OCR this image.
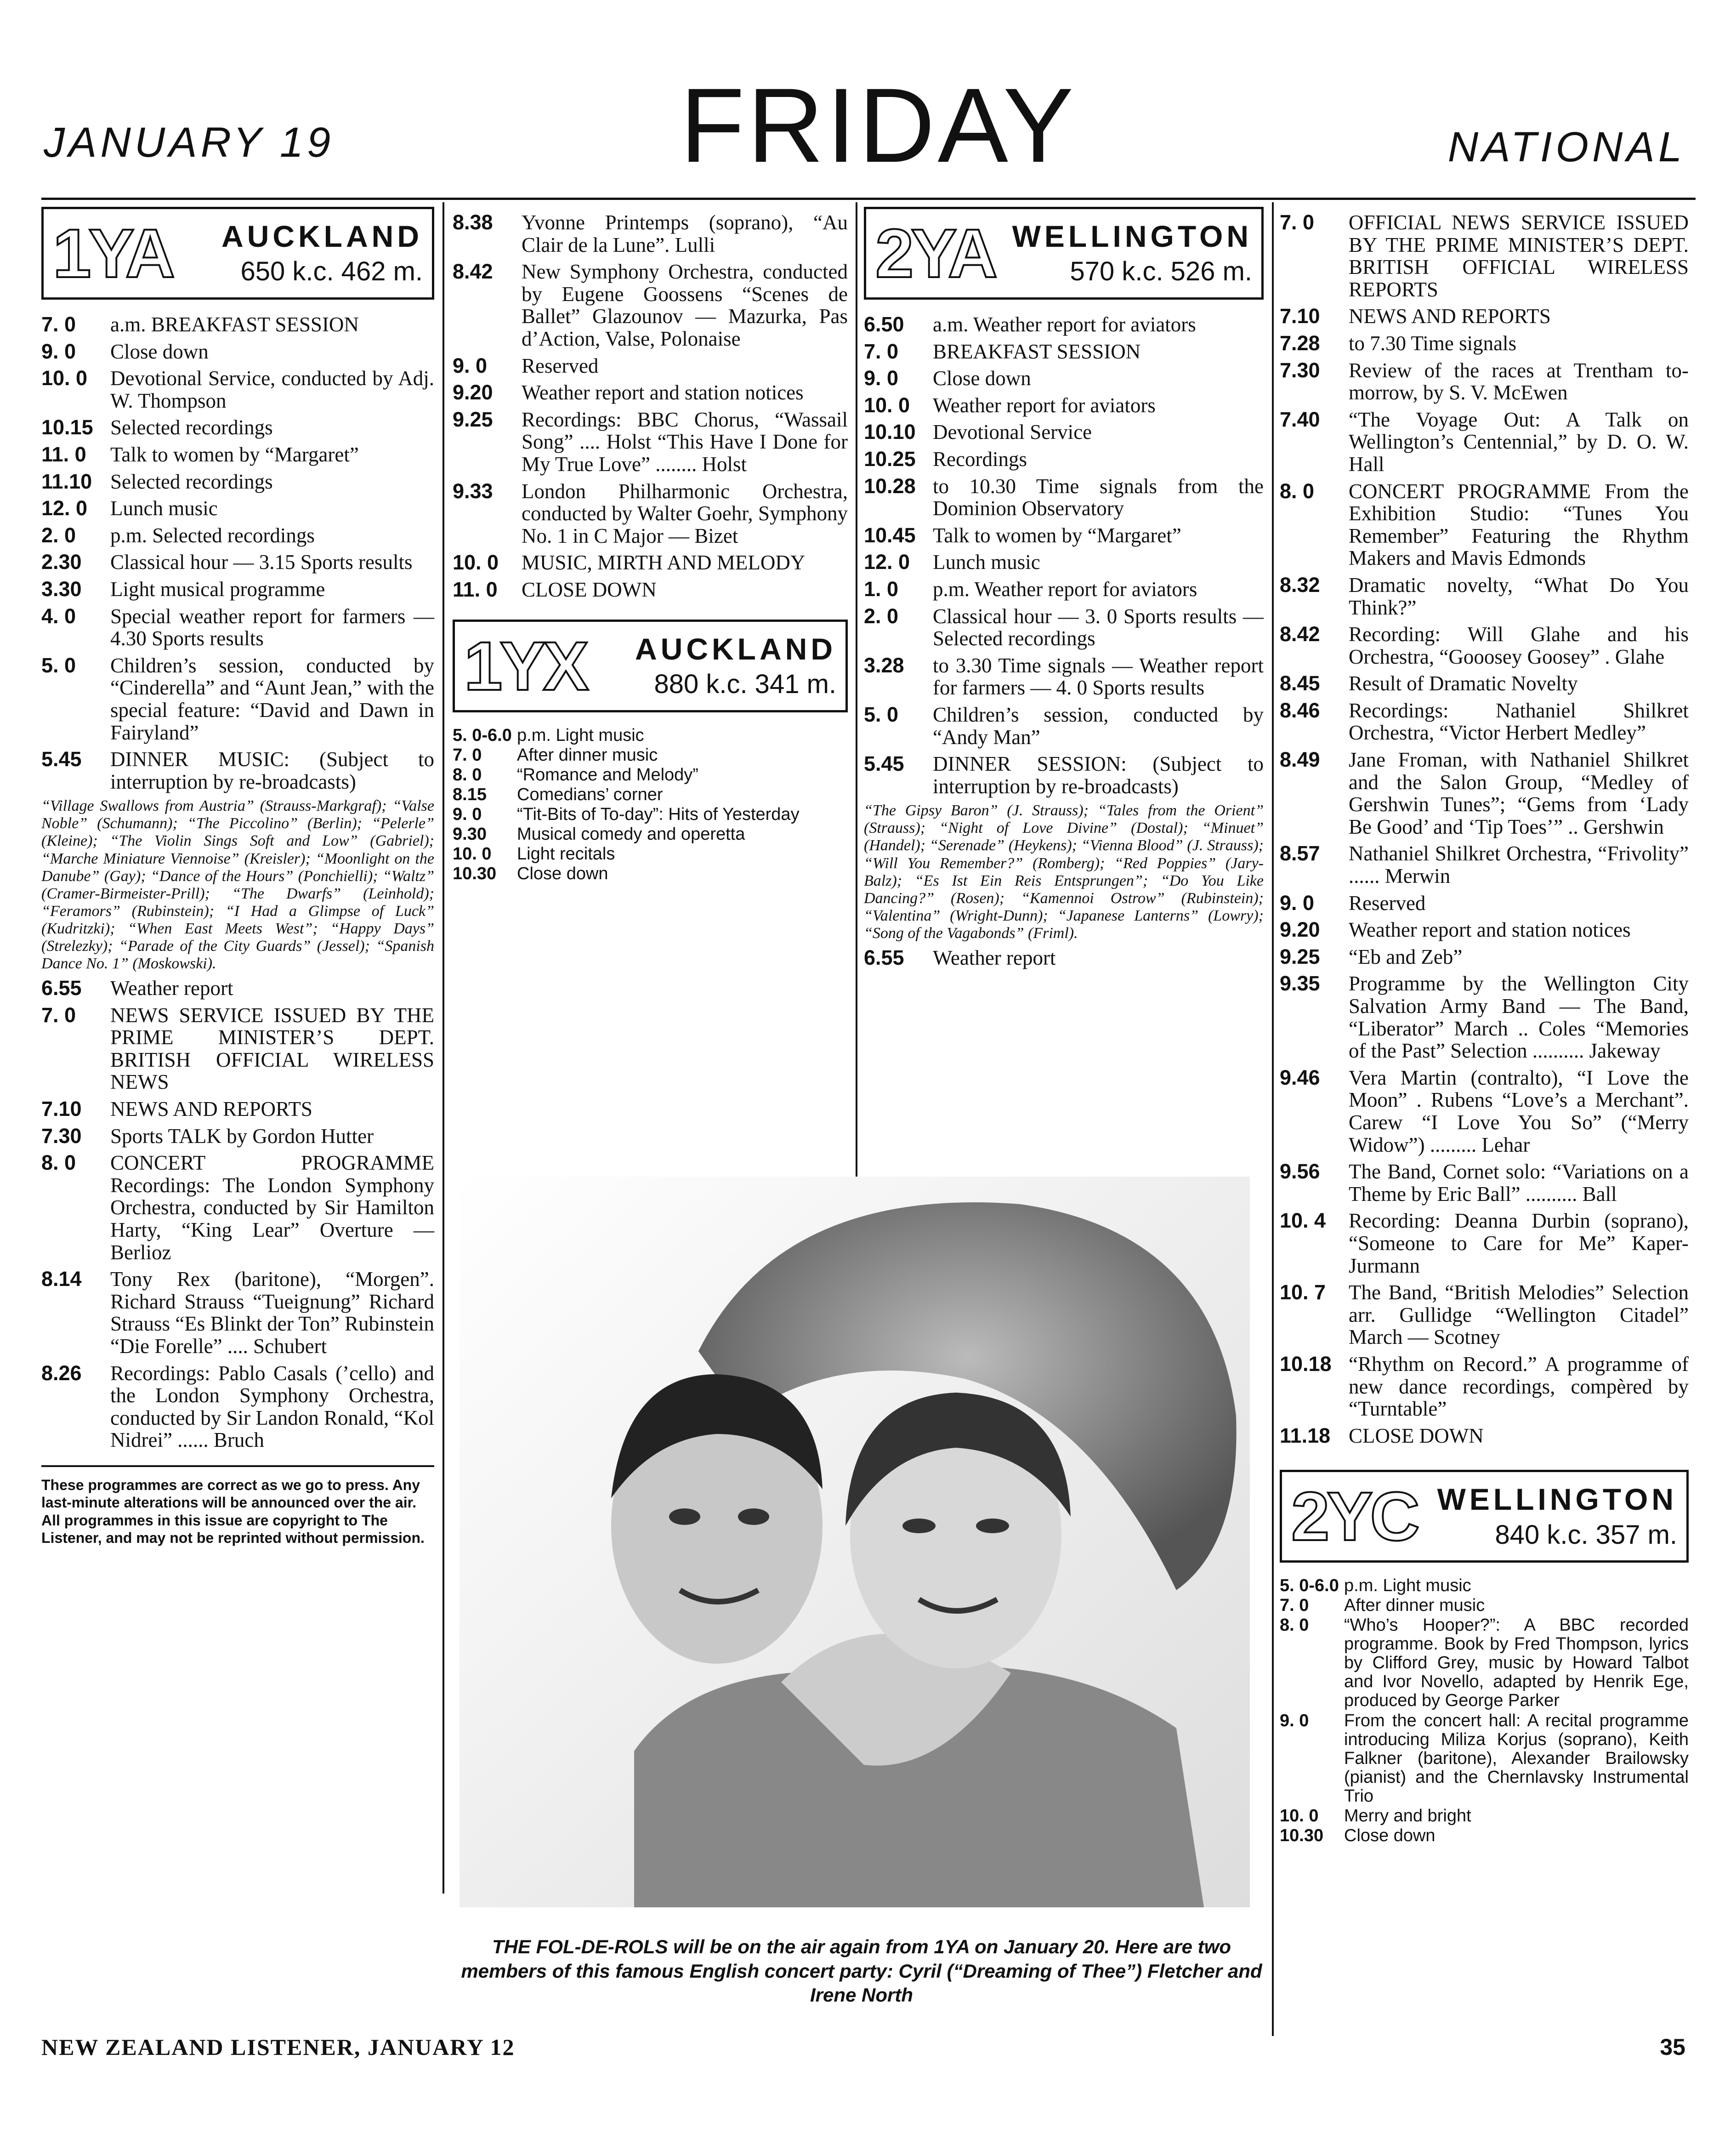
JANUARY 19	FRIDAY	NATIONAL
1YA	AUCKLAND
650 k.c. 462 m.
7. 0	a.m. BREAKFAST SESSION
9. 0	Close down
10. 0	Devotional Service, conducted by Adj. W. Thompson
10.15 Selected recordings
11. 0	Talk to women by “Margaret”
11.10 Selected recordings
12. 0	Lunch music
2. 0	p.m. Selected recordings
2.30	Classical hour — 3.15 Sports results
3.30	Light musical programme
4. 0	Special weather report for farmers — 4.30 Sports results
5. 0	Children’s session, conducted by “Cinderella” and “Aunt Jean,” with the special feature: “David and Dawn in Fairyland”
5.45	DINNER MUSIC: (Subject to interruption by re-broadcasts)
“Village Swallows from Austria” (Strauss-Markgraf); “Valse Noble” (Schumann); “The Piccolino” (Berlin); “Pelerle” (Kleine); “The Violin Sings Soft and Low” (Gabriel); “Marche Miniature Viennoise” (Kreisler); “Moonlight on the Danube” (Gay); “Dance of the Hours” (Ponchielli); “Waltz” (Cramer-Birmeister-Prill); “The Dwarfs” (Leinhold); “Feramors” (Rubinstein); “I Had a Glimpse of Luck” (Kudritzki); “When East Meets West”; “Happy Days” (Strelezky); “Parade of the City Guards” (Jessel); “Spanish Dance No. 1” (Moskowski).
6.55	Weather report
7. 0	NEWS SERVICE ISSUED BY THE PRIME MINISTER’S DEPT. BRITISH OFFICIAL WIRELESS NEWS
7.10	NEWS AND REPORTS
7.30	Sports TALK by Gordon Hutter
8. 0	CONCERT PROGRAMME Recordings: The London Symphony Orchestra, conducted by Sir Hamilton Harty, “King Lear” Overture — Berlioz
8.14	Tony Rex (baritone), “Morgen”. Richard Strauss “Tueignung” Richard Strauss “Es Blinkt der Ton” Rubinstein “Die Forelle” .... Schubert
8.26	Recordings: Pablo Casals (’cello) and the London Symphony Orchestra, conducted by Sir Landon Ronald, “Kol Nidrei” ...... Bruch
These programmes are correct as we go to press. Any last-minute alterations will be announced over the air. All programmes in this issue are copyright to The Listener, and may not be reprinted without permission.
8.38	Yvonne Printemps (soprano), “Au Clair de la Lune”. Lulli
8.42	New Symphony Orchestra, conducted by Eugene Goossens “Scenes de Ballet” Glazounov — Mazurka, Pas d’Action, Valse, Polonaise
9. 0	Reserved
9.20	Weather report and station notices
9.25	Recordings: BBC Chorus, “Wassail Song” .... Holst “This Have I Done for My True Love” ........ Holst
9.33	London Philharmonic Orchestra, conducted by Walter Goehr, Symphony No. 1 in C Major — Bizet
10. 0	MUSIC, MIRTH AND MELODY
11. 0	CLOSE DOWN
1YX	AUCKLAND
880 k.c. 341 m.
5. 0-6.0 p.m. Light music
7. 0	After dinner music
8. 0	“Romance and Melody”
8.15	Comedians’ corner
9. 0	“Tit-Bits of To-day”: Hits of Yesterday
9.30	Musical comedy and operetta
10. 0	Light recitals
10.30	Close down
2YA WELLINGTON
570 k.c. 526 m.
6.50	a.m. Weather report for aviators
7. 0	BREAKFAST SESSION
9. 0	Close down
10. 0	Weather report for aviators
10.10 Devotional Service
10.25 Recordings
10.28 to 10.30 Time signals from the Dominion Observatory
10.45 Talk to women by “Margaret”
12. 0	Lunch music
1. 0	p.m. Weather report for aviators
2. 0	Classical hour — 3. 0 Sports results — Selected recordings
3.28	to 3.30 Time signals — Weather report for farmers — 4. 0 Sports results
5. 0	Children’s session, conducted by “Andy Man”
5.45	DINNER SESSION: (Subject to interruption by re-broadcasts)
“The Gipsy Baron” (J. Strauss); “Tales from the Orient” (Strauss); “Night of Love Divine” (Dostal); “Minuet” (Handel); “Serenade” (Heykens); “Vienna Blood” (J. Strauss); “Will You Remember?” (Romberg); “Red Poppies” (Jary-Balz); “Es Ist Ein Reis Entsprungen”; “Do You Like Dancing?” (Rosen); “Kamennoi Ostrow” (Rubinstein); “Valentina” (Wright-Dunn); “Japanese Lanterns” (Lowry); “Song of the Vagabonds” (Friml).
6.55	Weather report
7. 0	OFFICIAL NEWS SERVICE ISSUED BY THE PRIME MINISTER’S DEPT. BRITISH OFFICIAL WIRELESS REPORTS
7.10	NEWS AND REPORTS
7.28	to 7.30 Time signals
7.30	Review of the races at Trentham to-morrow, by S. V. McEwen
7.40	“The Voyage Out: A Talk on Wellington’s Centennial,” by D. O. W. Hall
8. 0	CONCERT PROGRAMME From the Exhibition Studio: “Tunes You Remember” Featuring the Rhythm Makers and Mavis Edmonds
8.32	Dramatic novelty, “What Do You Think?”
8.42	Recording: Will Glahe and his Orchestra, “Gooosey Goosey” . Glahe
8.45	Result of Dramatic Novelty
8.46	Recordings: Nathaniel Shilkret Orchestra, “Victor Herbert Medley”
8.49	Jane Froman, with Nathaniel Shilkret and the Salon Group, “Medley of Gershwin Tunes”; “Gems from ‘Lady Be Good’ and ‘Tip Toes’” .. Gershwin
8.57	Nathaniel Shilkret Orchestra, “Frivolity” ...... Merwin
9. 0	Reserved
9.20	Weather report and station notices
9.25	“Eb and Zeb”
9.35	Programme by the Wellington City Salvation Army Band — The Band, “Liberator” March .. Coles “Memories of the Past” Selection .......... Jakeway
9.46	Vera Martin (contralto), “I Love the Moon” . Rubens “Love’s a Merchant”. Carew “I Love You So” (“Merry Widow”) ......... Lehar
9.56	The Band, Cornet solo: “Variations on a Theme by Eric Ball” .......... Ball
10. 4	Recording: Deanna Durbin (soprano), “Someone to Care for Me” Kaper-Jurmann
10. 7	The Band, “British Melodies” Selection arr. Gullidge “Wellington Citadel” March — Scotney
10.18 “Rhythm on Record.” A programme of new dance recordings, compèred by “Turntable”
11.18 CLOSE DOWN
2YC WELLINGTON
840 k.c. 357 m.
5. 0-6.0 p.m. Light music
7. 0	After dinner music
8. 0	“Who’s Hooper?”: A BBC recorded programme. Book by Fred Thompson, lyrics by Clifford Grey, music by Howard Talbot and Ivor Novello, adapted by Henrik Ege, produced by George Parker
9. 0	From the concert hall: A recital programme introducing Miliza Korjus (soprano), Keith Falkner (baritone), Alexander Brailowsky (pianist) and the Chernlavsky Instrumental Trio
10. 0	Merry and bright
10.30	Close down
THE FOL-DE-ROLS will be on the air again from 1YA on January 20. Here are two members of this famous English concert party: Cyril (“Dreaming of Thee”) Fletcher and Irene North
NEW ZEALAND LISTENER, JANUARY 12	35
